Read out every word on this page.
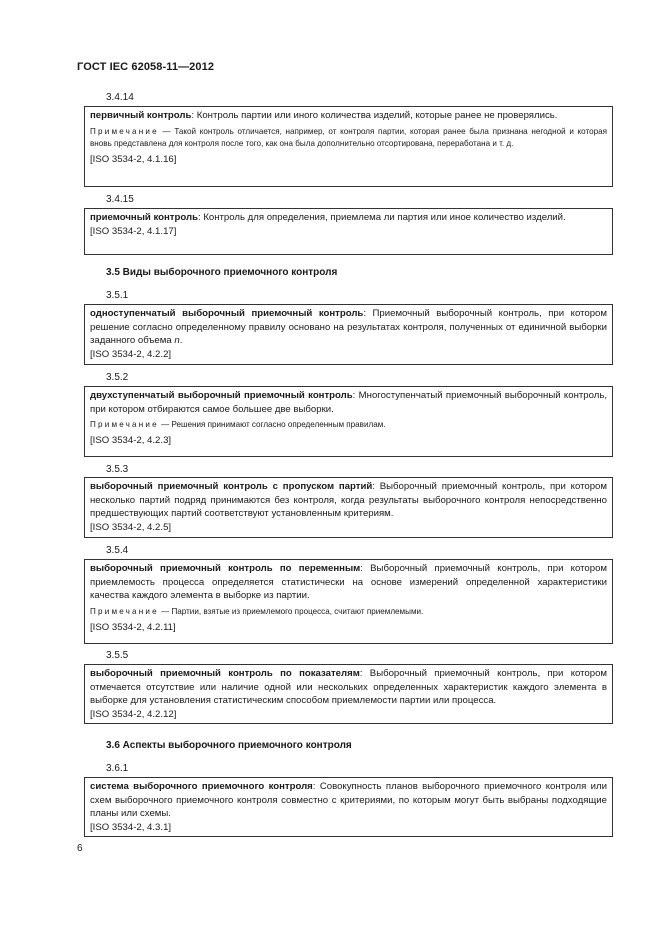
ГОСТ IEC 62058-11—2012
3.4.14

первичный контроль: Контроль партии или иного количества изделий, которые ранее не проверялись.

Примечание — Такой контроль отличается, например, от контроля партии, которая ранее была признана негодной и которая вновь представлена для контроля после того, как она была дополнительно отсортирована, переработана и т. д.

[ISO 3534-2, 4.1.16]

3.4.15

приемочный контроль: Контроль для определения, приемлема ли партия или иное количество изделий.

[ISO 3534-2, 4.1.17]

3.5 Виды выборочного приемочного контроля
3.5.1

одноступенчатый выборочный приемочный контроль: Приемочный выборочный контроль, при котором решение согласно определенному правилу основано на результатах контроля, полученных от единичной выборки заданного объема n.

[ISO 3534-2, 4.2.2]

3.5.2

двухступенчатый выборочный приемочный контроль: Многоступенчатый приемочный выборочный контроль, при котором отбираются самое большее две выборки.

Примечание — Решения принимают согласно определенным правилам.

[ISO 3534-2, 4.2.3]

3.5.3

выборочный приемочный контроль с пропуском партий: Выборочный приемочный контроль, при котором несколько партий подряд принимаются без контроля, когда результаты выборочного контроля непосредственно предшествующих партий соответствуют установленным критериям.

[ISO 3534-2, 4.2.5]

3.5.4

выборочный приемочный контроль по переменным: Выборочный приемочный контроль, при котором приемлемость процесса определяется статистически на основе измерений определенной характеристики качества каждого элемента в выборке из партии.

Примечание — Партии, взятые из приемлемого процесса, считают приемлемыми.

[ISO 3534-2, 4.2.11]

3.5.5

выборочный приемочный контроль по показателям: Выборочный приемочный контроль, при котором отмечается отсутствие или наличие одной или нескольких определенных характеристик каждого элемента в выборке для установления статистическим способом приемлемости партии или процесса.

[ISO 3534-2, 4.2.12]

3.6 Аспекты выборочного приемочного контроля
3.6.1

система выборочного приемочного контроля: Совокупность планов выборочного приемочного контроля или схем выборочного приемочного контроля совместно с критериями, по которым могут быть выбраны подходящие планы или схемы.

[ISO 3534-2, 4.3.1]

6
